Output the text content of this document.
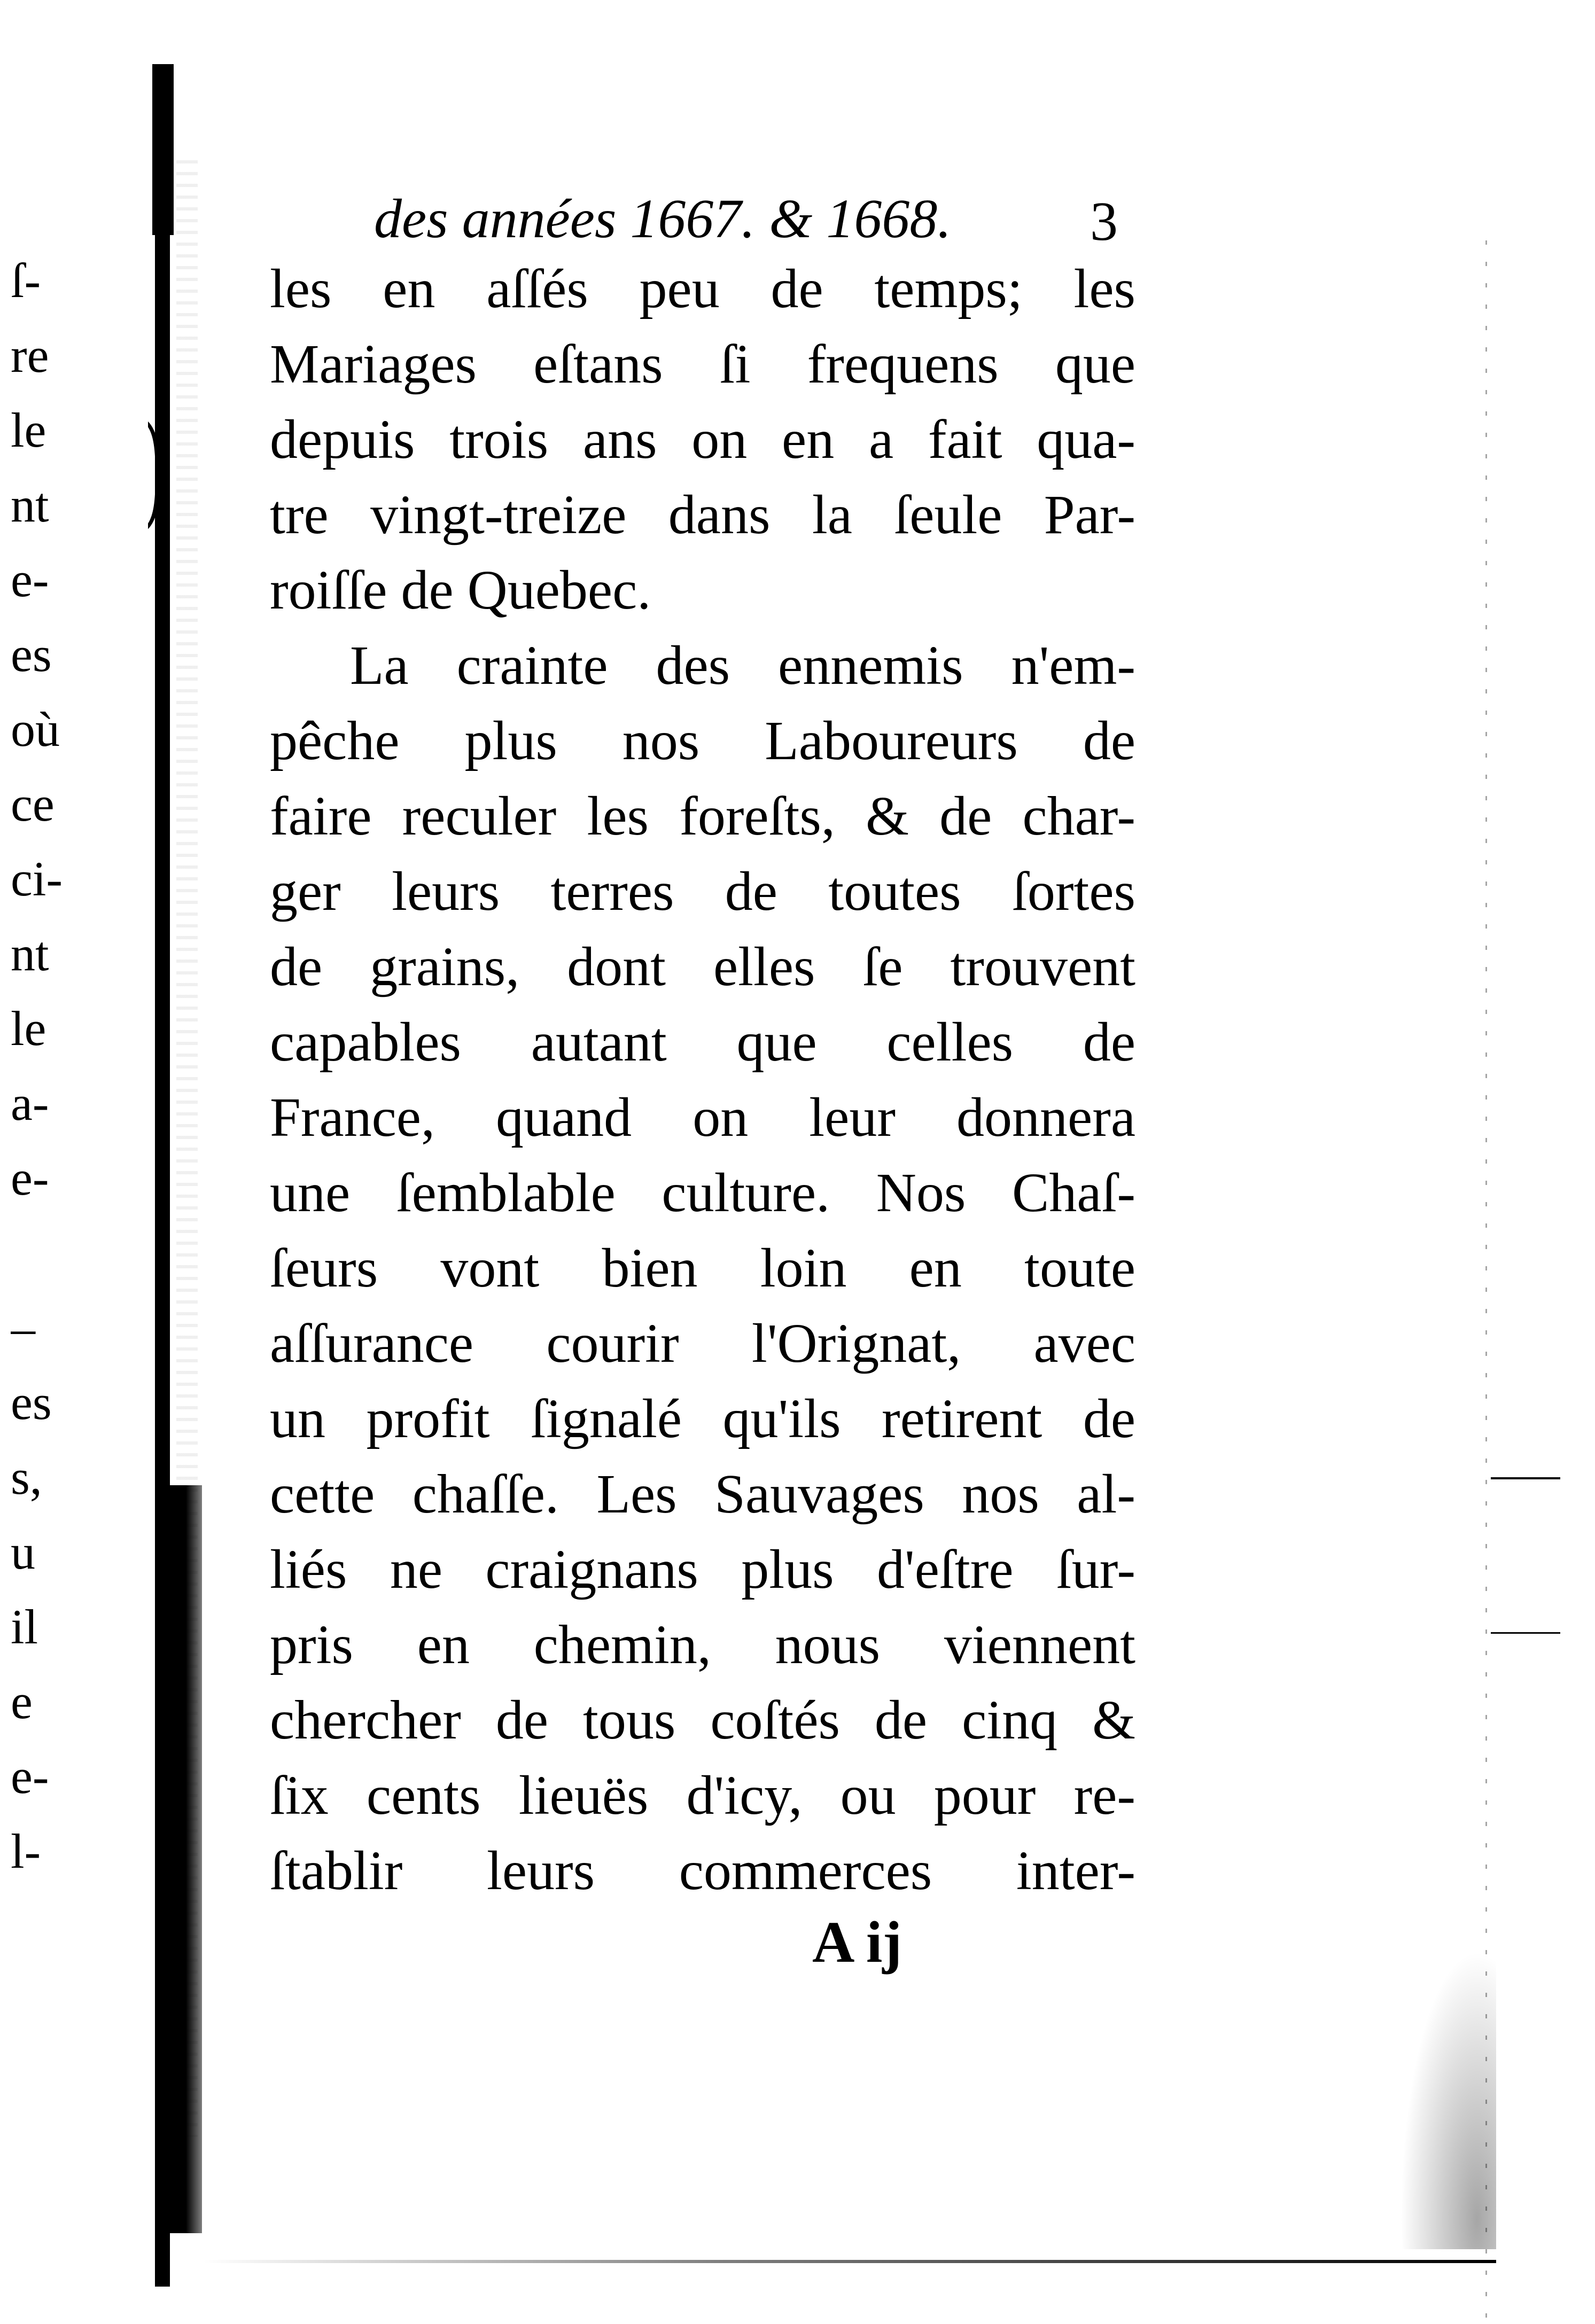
)
ſ-
re
le
nt
e-
es
où
ce
ci-
nt
le
a-
e-
–
es
s,
u
il
e
e-
l-
des années 1667. & 1668.	3
les en aſſés peu de temps; les
Mariages eſtans ſi frequens que
depuis trois ans on en a fait qua-
tre vingt-treize dans la ſeule Par-
roiſſe de Quebec.
La crainte des ennemis n'em-
pêche plus nos Laboureurs de
faire reculer les foreſts, & de char-
ger leurs terres de toutes ſortes
de grains, dont elles ſe trouvent
capables autant que celles de
France, quand on leur donnera
une ſemblable culture. Nos Chaſ-
ſeurs vont bien loin en toute
aſſurance courir l'Orignat, avec
un profit ſignalé qu'ils retirent de
cette chaſſe. Les Sauvages nos al-
liés ne craignans plus d'eſtre ſur-
pris en chemin, nous viennent
chercher de tous coſtés de cinq &
ſix cents lieuës d'icy, ou pour re-
ſtablir leurs commerces inter-
A ij
